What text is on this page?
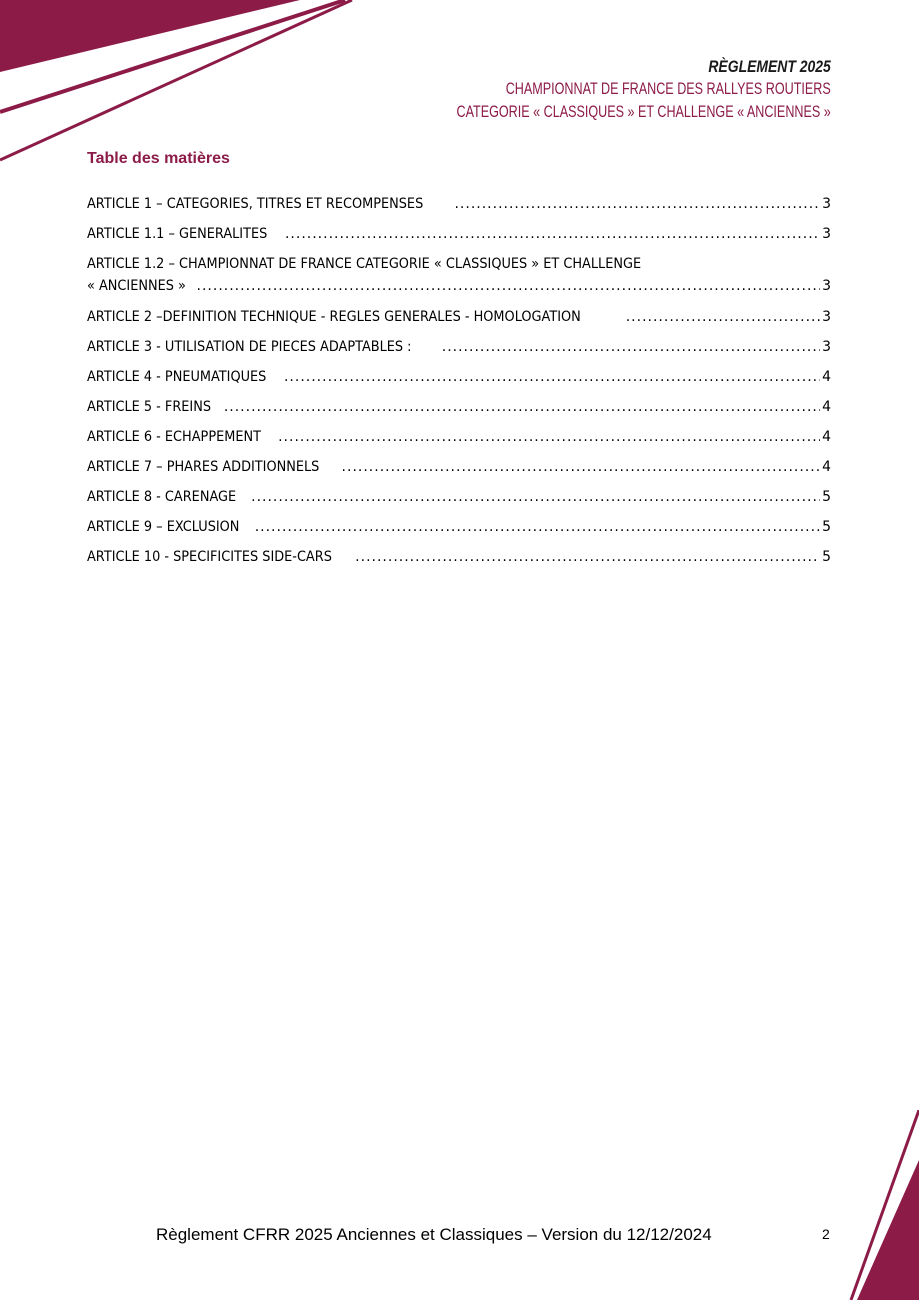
RÈGLEMENT 2025
CHAMPIONNAT DE FRANCE DES RALLYES ROUTIERS
CATEGORIE « CLASSIQUES » ET CHALLENGE « ANCIENNES »
Table des matières
ARTICLE 1 – CATEGORIES, TITRES ET RECOMPENSES .....	3
ARTICLE 1.1 – GENERALITES .....	3
ARTICLE 1.2 – CHAMPIONNAT DE FRANCE CATEGORIE « CLASSIQUES » ET CHALLENGE
« ANCIENNES » .....	3
ARTICLE 2 –DEFINITION TECHNIQUE - REGLES GENERALES - HOMOLOGATION .....	3
ARTICLE 3 - UTILISATION DE PIECES ADAPTABLES : .....	3
ARTICLE 4 - PNEUMATIQUES .....	4
ARTICLE 5 - FREINS .....	4
ARTICLE 6 - ECHAPPEMENT .....	4
ARTICLE 7 – PHARES ADDITIONNELS .....	4
ARTICLE 8 - CARENAGE .....	5
ARTICLE 9 – EXCLUSION .....	5
ARTICLE 10 - SPECIFICITES SIDE-CARS .....	5
Règlement CFRR 2025 Anciennes et Classiques – Version du 12/12/2024	2
